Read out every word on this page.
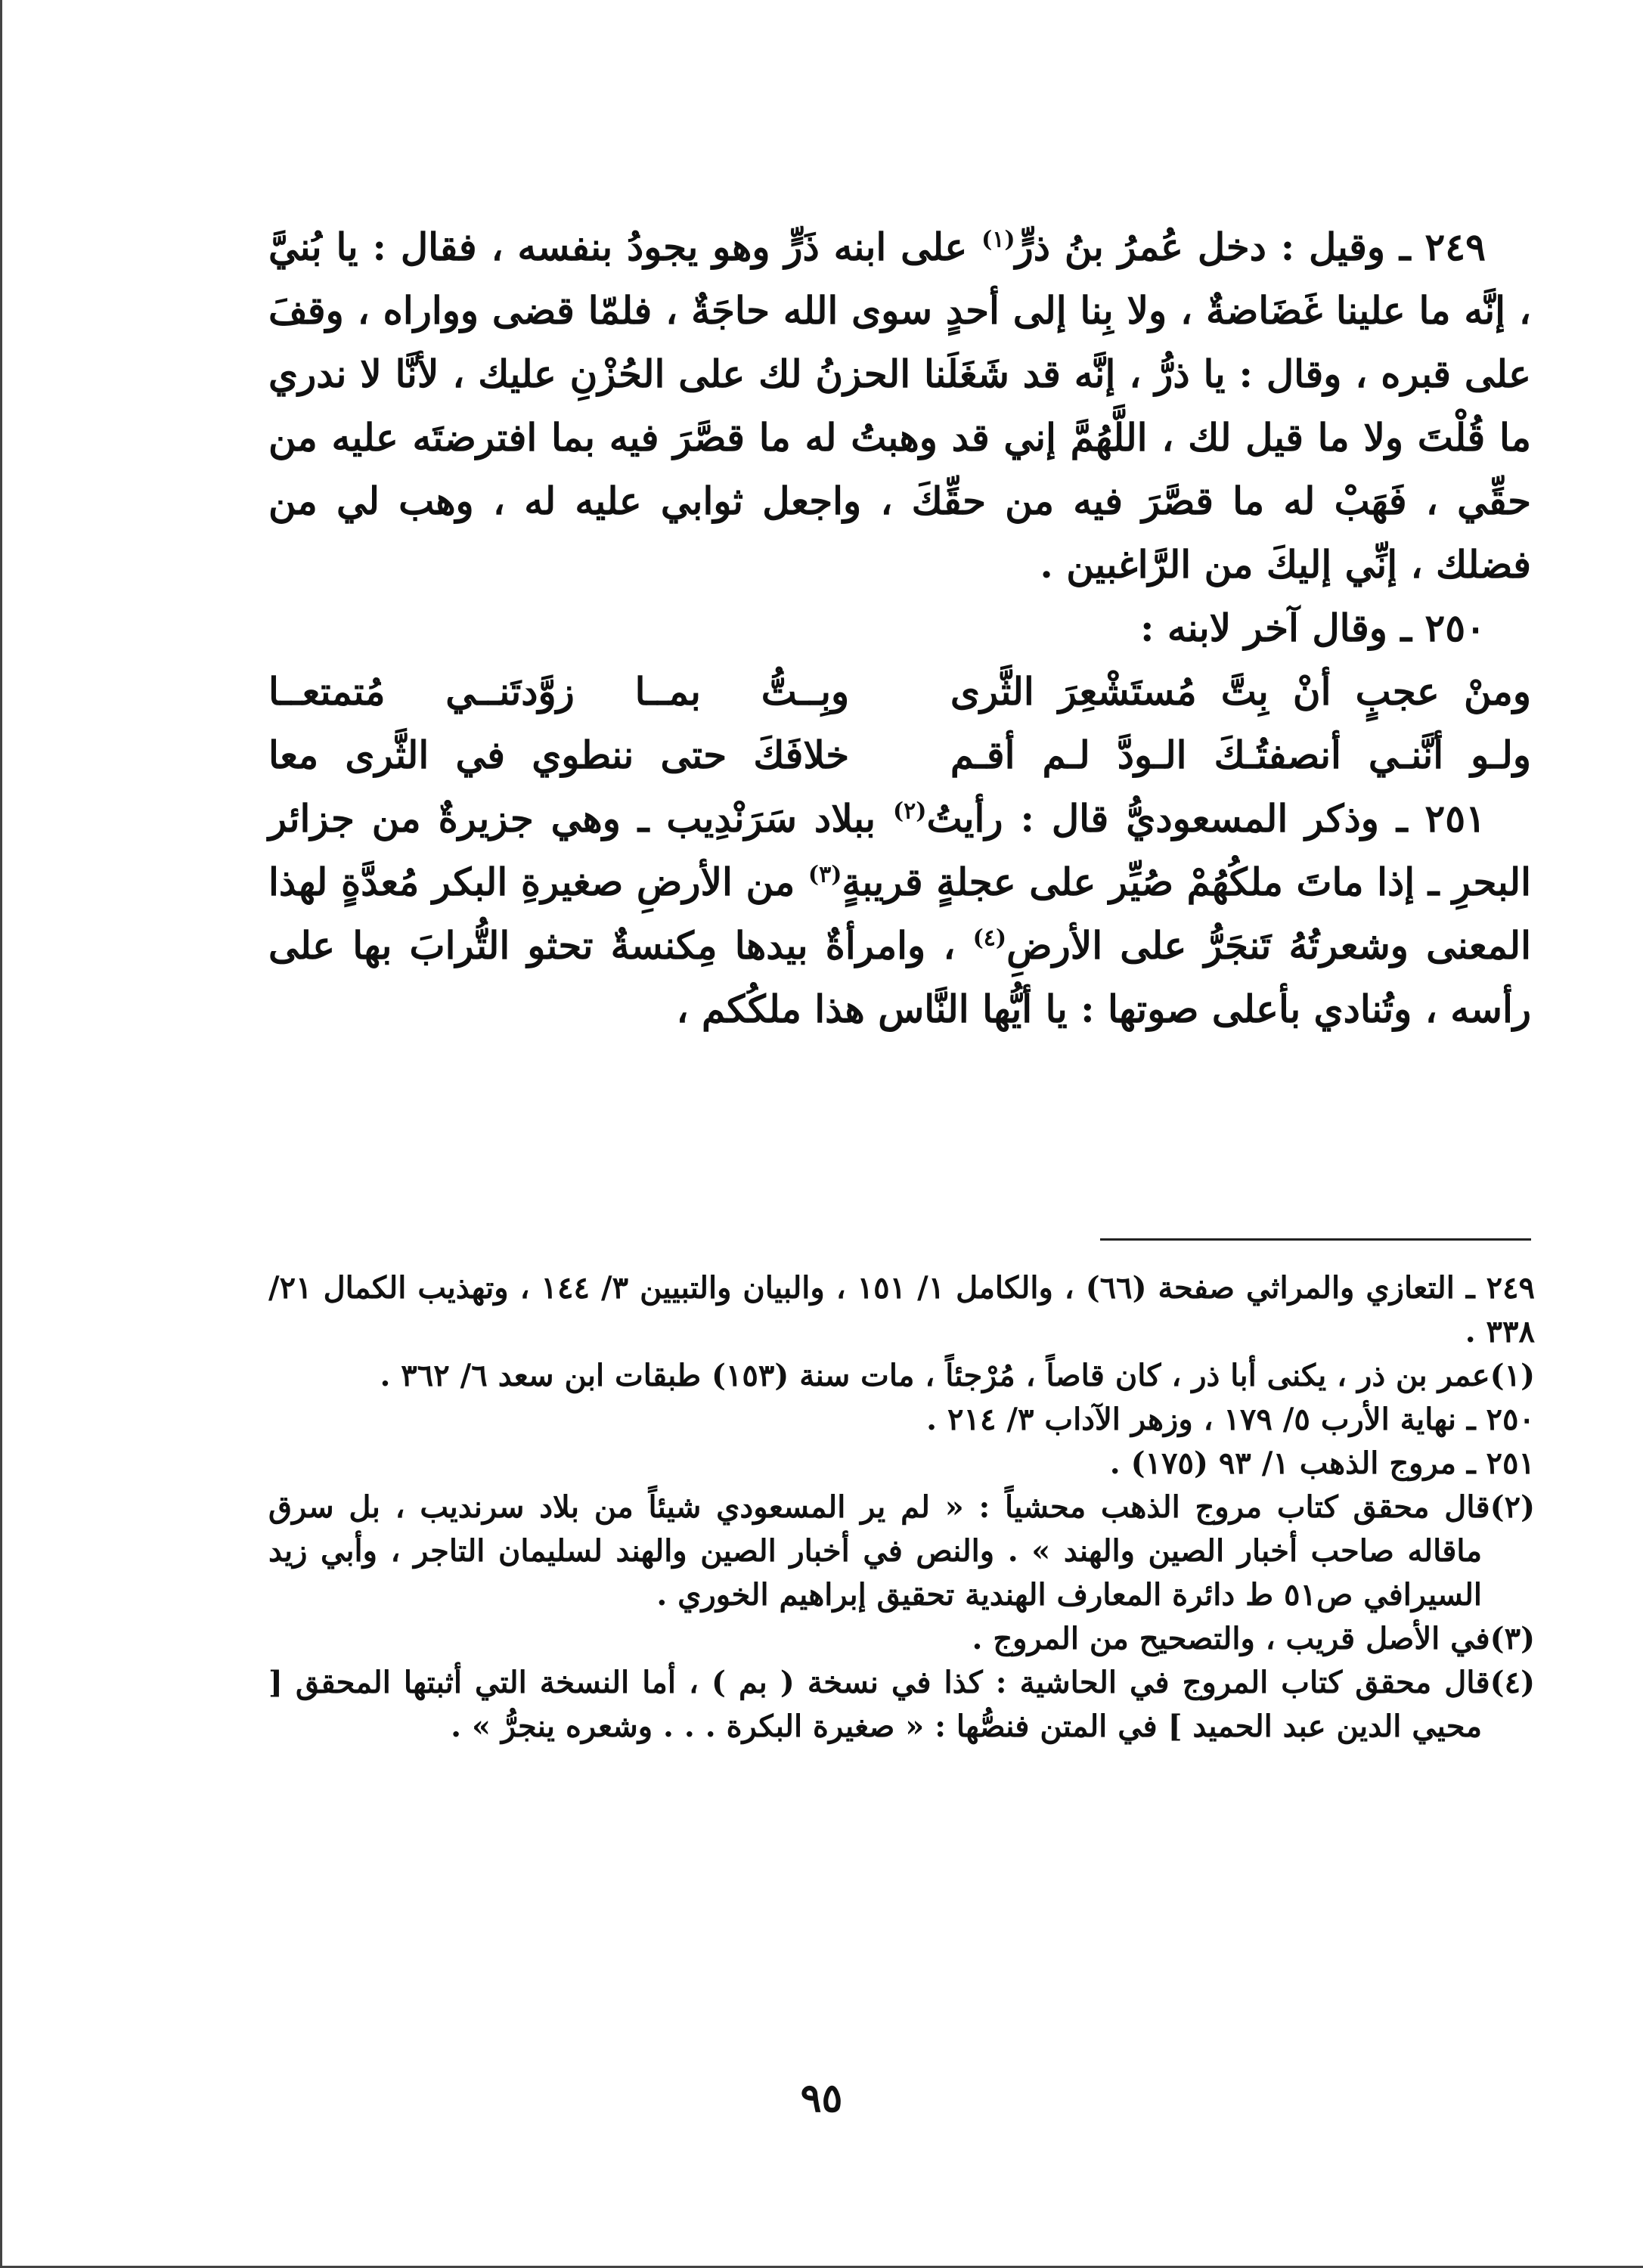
٢٤٩ ـ وقيل : دخل عُمرُ بنُ ذرٍّ$^{(١)}$ على ابنه ذَرٍّ وهو يجودُ بنفسه ، فقال : يا بُنيَّ ، إنَّه ما علينا غَضَاضةٌ ، ولا بِنا إلى أحدٍ سوى الله حاجَةٌ ، فلمّا قضى وواراه ، وقفَ على قبره ، وقال : يا ذرُّ ، إنَّه قد شَغَلَنا الحزنُ لك على الحُزْنِ عليك ، لأنَّا لا ندري ما قُلْتَ ولا ما قيل لك ، اللَّهُمَّ إني قد وهبتُ له ما قصَّرَ فيه بما افترضتَه عليه من حقِّي ، فَهَبْ له ما قصَّرَ فيه من حقِّكَ ، واجعل ثوابي عليه له ، وهب لي من فضلك ، إنِّي إليكَ من الرَّاغبين .

٢٥٠ ـ وقال آخر لابنه :

ومنْ عجبٍ أنْ بِتَّ مُستَشْعِرَ الثَّرى
وبِــتُّ بمــا زوَّدتَنــي مُتمتعــا
ولـو أنَّنـي أنصفتُـكَ الـودَّ لـم أقـم
خلافَكَ حتى ننطوي في الثَّرى معا

٢٥١ ـ وذكر المسعوديُّ قال : رأيتُ$^{(٢)}$ ببلاد سَرَنْدِيب ـ وهي جزيرةٌ من جزائر البحرِ ـ إذا ماتَ ملكُهُمْ صُيِّر على عجلةٍ قريبةٍ$^{(٣)}$ من الأرضِ صغيرةِ البكر مُعدَّةٍ لهذا المعنى وشعرتُهُ تَنجَرُّ على الأرضِ$^{(٤)}$ ، وامرأةٌ بيدها مِكنسةٌ تحثو التُّرابَ بها على رأسه ، وتُنادي بأعلى صوتها : يا أيُّها النَّاس هذا ملكُكم ،

٢٤٩ ـ التعازي والمراثي صفحة (٦٦) ، والكامل ١/ ١٥١ ، والبيان والتبيين ٣/ ١٤٤ ، وتهذيب الكمال ٢١/ ٣٣٨ .

(١)عمر بن ذر ، يكنى أبا ذر ، كان قاصاً ، مُرْجئاً ، مات سنة (١٥٣) طبقات ابن سعد ٦/ ٣٦٢ .

٢٥٠ ـ نهاية الأرب ٥/ ١٧٩ ، وزهر الآداب ٣/ ٢١٤ .

٢٥١ ـ مروج الذهب ١/ ٩٣ (١٧٥) .

(٢)قال محقق كتاب مروج الذهب محشياً : « لم ير المسعودي شيئاً من بلاد سرنديب ، بل سرق ماقاله صاحب أخبار الصين والهند » . والنص في أخبار الصين والهند لسليمان التاجر ، وأبي زيد السيرافي ص٥١ ط دائرة المعارف الهندية تحقيق إبراهيم الخوري .

(٣)في الأصل قريب ، والتصحيح من المروج .

(٤)قال محقق كتاب المروج في الحاشية : كذا في نسخة ( بم ) ، أما النسخة التي أثبتها المحقق [ محيي الدين عبد الحميد ] في المتن فنصُّها : « صغيرة البكرة . . . وشعره ينجرُّ » .

٩٥
